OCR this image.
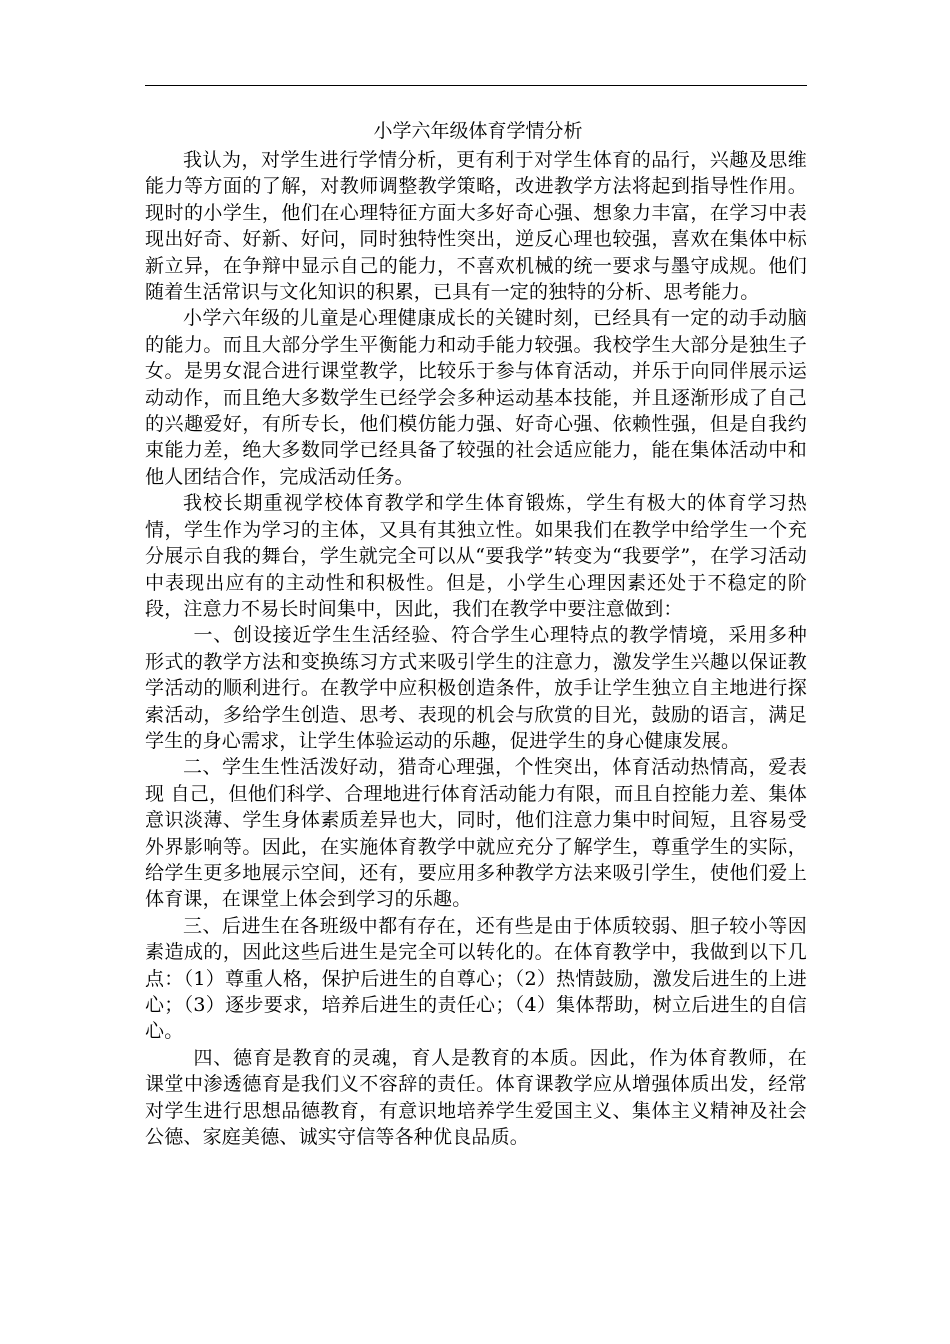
小学六年级体育学情分析

我认为，对学生进行学情分析，更有利于对学生体育的品行，兴趣及思维能力等方面的了解，对教师调整教学策略，改进教学方法将起到指导性作用。现时的小学生，他们在心理特征方面大多好奇心强、想象力丰富，在学习中表现出好奇、好新、好问，同时独特性突出，逆反心理也较强，喜欢在集体中标新立异，在争辩中显示自己的能力，不喜欢机械的统一要求与墨守成规。他们随着生活常识与文化知识的积累，已具有一定的独特的分析、思考能力。

小学六年级的儿童是心理健康成长的关键时刻，已经具有一定的动手动脑的能力。而且大部分学生平衡能力和动手能力较强。我校学生大部分是独生子女。是男女混合进行课堂教学，比较乐于参与体育活动，并乐于向同伴展示运动动作，而且绝大多数学生已经学会多种运动基本技能，并且逐渐形成了自己的兴趣爱好，有所专长，他们模仿能力强、好奇心强、依赖性强，但是自我约束能力差，绝大多数同学已经具备了较强的社会适应能力，能在集体活动中和他人团结合作，完成活动任务。

我校长期重视学校体育教学和学生体育锻炼，学生有极大的体育学习热情，学生作为学习的主体，又具有其独立性。如果我们在教学中给学生一个充分展示自我的舞台，学生就完全可以从“要我学”转变为“我要学”，在学习活动中表现出应有的主动性和积极性。但是，小学生心理因素还处于不稳定的阶段，注意力不易长时间集中，因此，我们在教学中要注意做到：

一、创设接近学生生活经验、符合学生心理特点的教学情境，采用多种形式的教学方法和变换练习方式来吸引学生的注意力，激发学生兴趣以保证教学活动的顺利进行。在教学中应积极创造条件，放手让学生独立自主地进行探索活动，多给学生创造、思考、表现的机会与欣赏的目光，鼓励的语言，满足学生的身心需求，让学生体验运动的乐趣，促进学生的身心健康发展。

二、学生生性活泼好动，猎奇心理强，个性突出，体育活动热情高，爱表现 自己，但他们科学、合理地进行体育活动能力有限，而且自控能力差、集体意识淡薄、学生身体素质差异也大，同时，他们注意力集中时间短，且容易受外界影响等。因此，在实施体育教学中就应充分了解学生，尊重学生的实际，给学生更多地展示空间，还有，要应用多种教学方法来吸引学生，使他们爱上体育课，在课堂上体会到学习的乐趣。

三、后进生在各班级中都有存在，还有些是由于体质较弱、胆子较小等因素造成的，因此这些后进生是完全可以转化的。在体育教学中，我做到以下几点：（1）尊重人格，保护后进生的自尊心；（2）热情鼓励，激发后进生的上进心；（3）逐步要求，培养后进生的责任心；（4）集体帮助，树立后进生的自信心。

四、德育是教育的灵魂，育人是教育的本质。因此，作为体育教师，在课堂中渗透德育是我们义不容辞的责任。体育课教学应从增强体质出发，经常对学生进行思想品德教育，有意识地培养学生爱国主义、集体主义精神及社会公德、家庭美德、诚实守信等各种优良品质。
